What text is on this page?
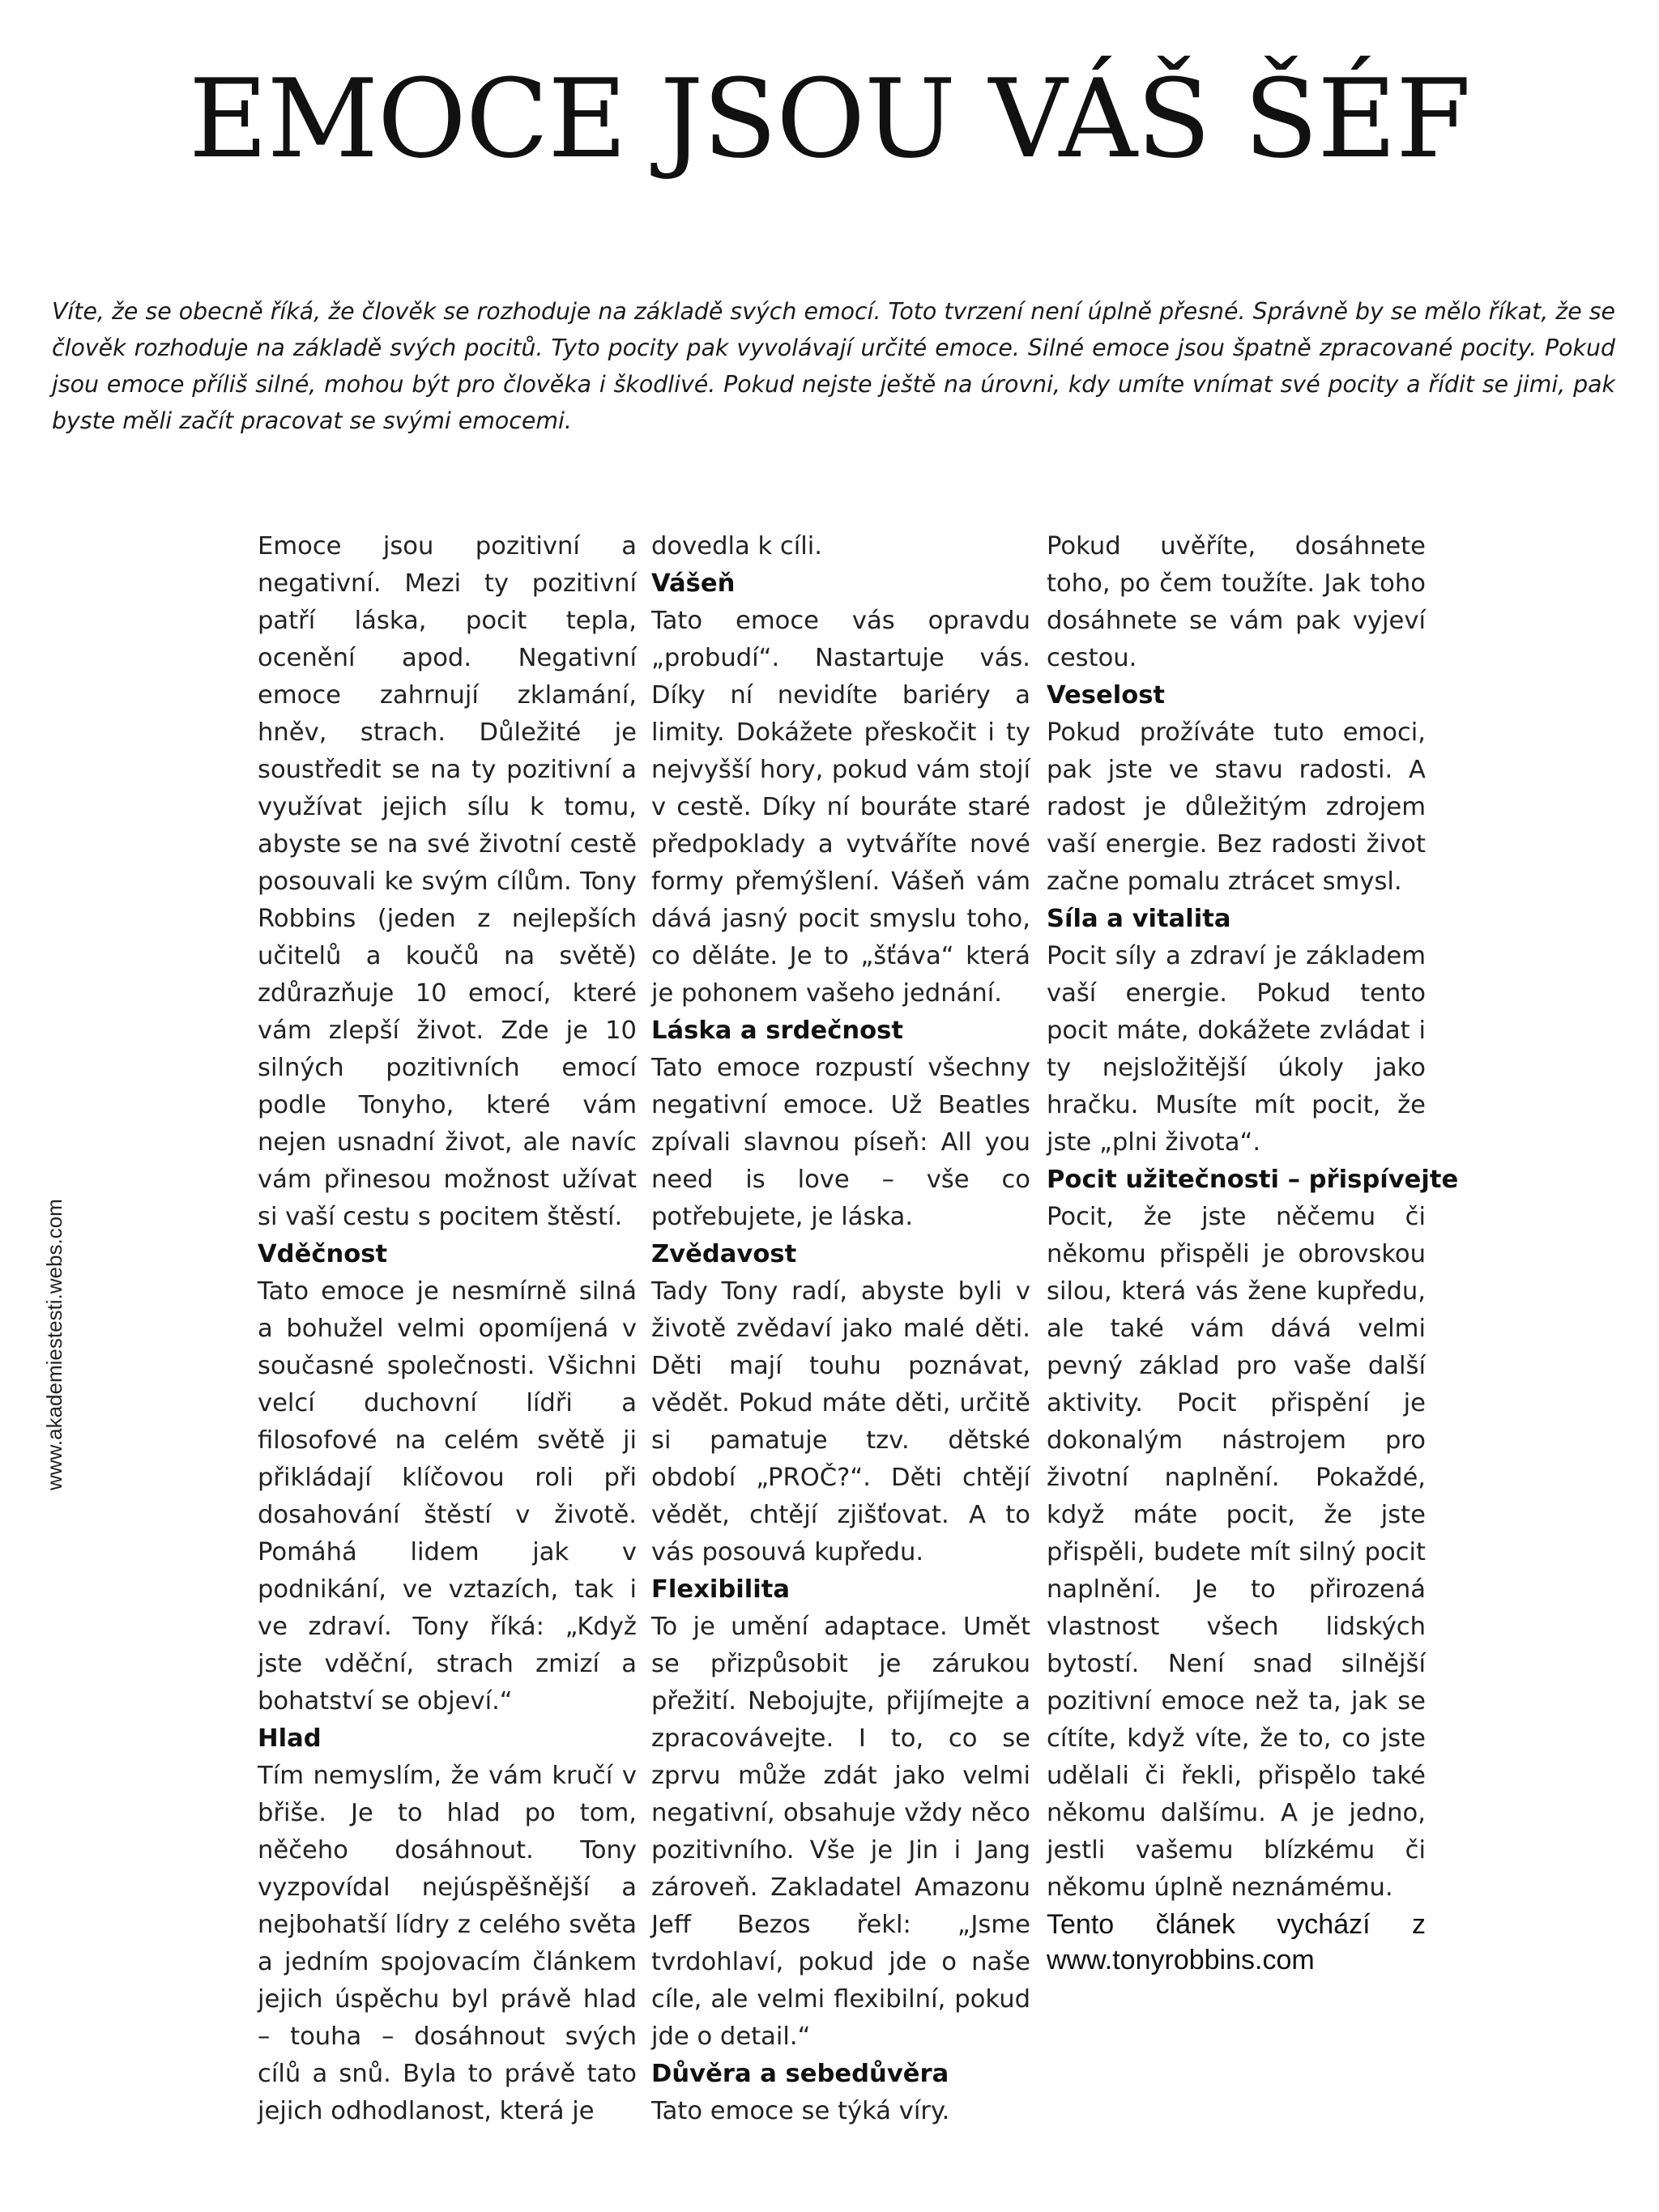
EMOCE JSOU VÁŠ ŠÉF

Víte, že se obecně říká, že člověk se rozhoduje na základě svých emocí. Toto tvrzení není úplně přesné. Správně by se mělo říkat, že se člověk rozhoduje na základě svých pocitů. Tyto pocity pak vyvolávají určité emoce. Silné emoce jsou špatně zpracované pocity. Pokud jsou emoce příliš silné, mohou být pro člověka i škodlivé. Pokud nejste ještě na úrovni, kdy umíte vnímat své pocity a řídit se jimi, pak byste měli začít pracovat se svými emocemi.

www.akademiestesti.webs.com

Emoce jsou pozitivní a negativní. Mezi ty pozitivní patří láska, pocit tepla, ocenění apod. Negativní emoce zahrnují zklamání, hněv, strach. Důležité je soustředit se na ty pozitivní a využívat jejich sílu k tomu, abyste se na své životní cestě posouvali ke svým cílům. Tony Robbins (jeden z nejlepších učitelů a koučů na světě) zdůrazňuje 10 emocí, které vám zlepší život. Zde je 10 silných pozitivních emocí podle Tonyho, které vám nejen usnadní život, ale navíc vám přinesou možnost užívat si vaší cestu s pocitem štěstí.

Vděčnost

Tato emoce je nesmírně silná a bohužel velmi opomíjená v současné společnosti. Všichni velcí duchovní lídři a filosofové na celém světě ji přikládají klíčovou roli při dosahování štěstí v životě. Pomáhá lidem jak v podnikání, ve vztazích, tak i ve zdraví. Tony říká: „Když jste vděční, strach zmizí a bohatství se objeví.“

Hlad

Tím nemyslím, že vám kručí v břiše. Je to hlad po tom, něčeho dosáhnout. Tony vyzpovídal nejúspěšnější a nejbohatší lídry z celého světa a jedním spojovacím článkem jejich úspěchu byl právě hlad – touha – dosáhnout svých cílů a snů. Byla to právě tato jejich odhodlanost, která je

dovedla k cíli.

Vášeň

Tato emoce vás opravdu „probudí“. Nastartuje vás. Díky ní nevidíte bariéry a limity. Dokážete přeskočit i ty nejvyšší hory, pokud vám stojí v cestě. Díky ní bouráte staré předpoklady a vytváříte nové formy přemýšlení. Vášeň vám dává jasný pocit smyslu toho, co děláte. Je to „šťáva“ která je pohonem vašeho jednání.

Láska a srdečnost

Tato emoce rozpustí všechny negativní emoce. Už Beatles zpívali slavnou píseň: All you need is love – vše co potřebujete, je láska.

Zvědavost

Tady Tony radí, abyste byli v životě zvědaví jako malé děti. Děti mají touhu poznávat, vědět. Pokud máte děti, určitě si pamatuje tzv. dětské období „PROČ?“. Děti chtějí vědět, chtějí zjišťovat. A to vás posouvá kupředu.

Flexibilita

To je umění adaptace. Umět se přizpůsobit je zárukou přežití. Nebojujte, přijímejte a zpracovávejte. I to, co se zprvu může zdát jako velmi negativní, obsahuje vždy něco pozitivního. Vše je Jin i Jang zároveň. Zakladatel Amazonu Jeff Bezos řekl: „Jsme tvrdohlaví, pokud jde o naše cíle, ale velmi flexibilní, pokud jde o detail.“

Důvěra a sebedůvěra

Tato emoce se týká víry.

Pokud uvěříte, dosáhnete toho, po čem toužíte. Jak toho dosáhnete se vám pak vyjeví cestou.

Veselost

Pokud prožíváte tuto emoci, pak jste ve stavu radosti. A radost je důležitým zdrojem vaší energie. Bez radosti život začne pomalu ztrácet smysl.

Síla a vitalita

Pocit síly a zdraví je základem vaší energie. Pokud tento pocit máte, dokážete zvládat i ty nejsložitější úkoly jako hračku. Musíte mít pocit, že jste „plni života“.

Pocit užitečnosti – přispívejte

Pocit, že jste něčemu či někomu přispěli je obrovskou silou, která vás žene kupředu, ale také vám dává velmi pevný základ pro vaše další aktivity. Pocit přispění je dokonalým nástrojem pro životní naplnění. Pokaždé, když máte pocit, že jste přispěli, budete mít silný pocit naplnění. Je to přirozená vlastnost všech lidských bytostí. Není snad silnější pozitivní emoce než ta, jak se cítíte, když víte, že to, co jste udělali či řekli, přispělo také někomu dalšímu. A je jedno, jestli vašemu blízkému či někomu úplně neznámému.

Tento článek vychází z www.tonyrobbins.com
